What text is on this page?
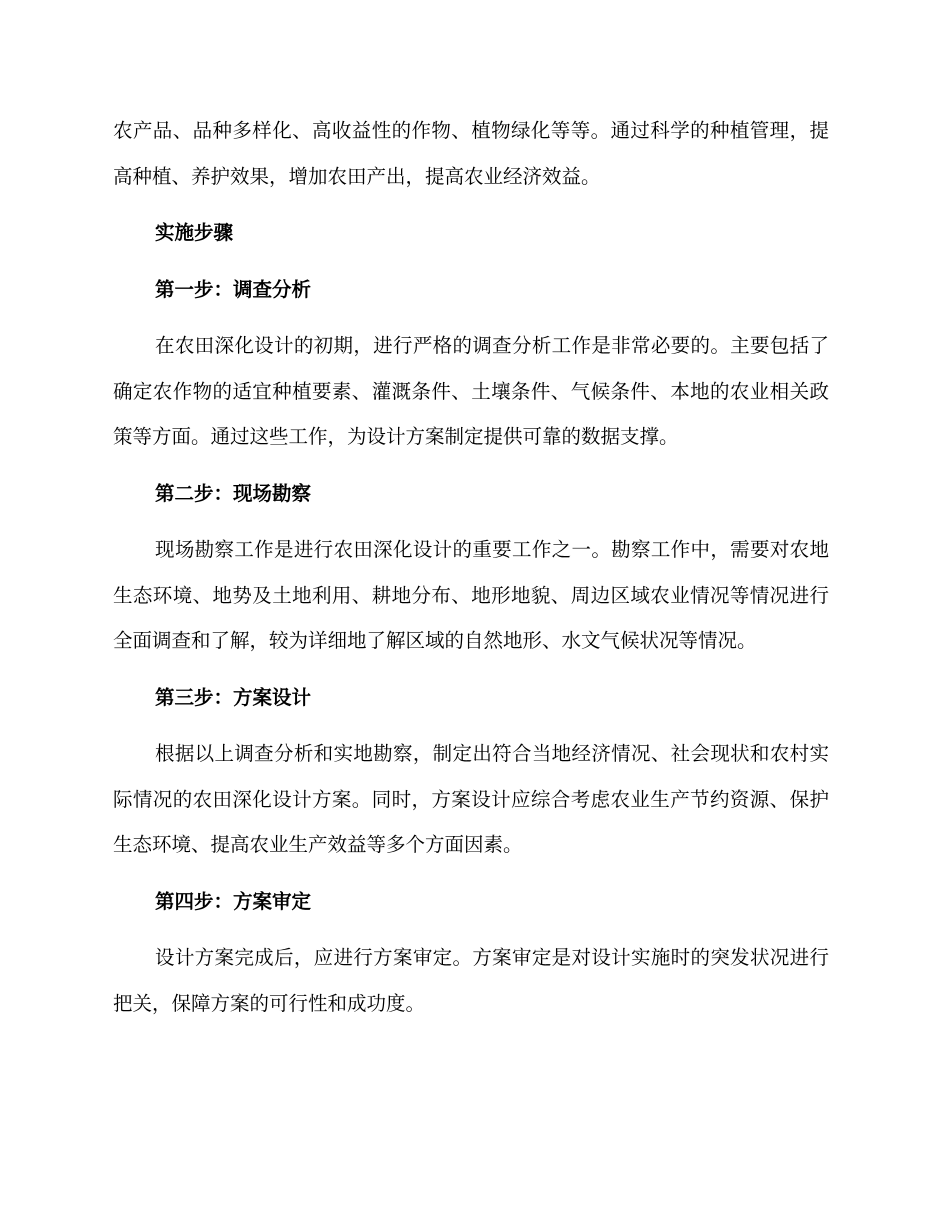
农产品、品种多样化、高收益性的作物、植物绿化等等。通过科学的种植管理，提高种植、养护效果，增加农田产出，提高农业经济效益。

实施步骤

第一步：调查分析

在农田深化设计的初期，进行严格的调查分析工作是非常必要的。主要包括了确定农作物的适宜种植要素、灌溉条件、土壤条件、气候条件、本地的农业相关政策等方面。通过这些工作，为设计方案制定提供可靠的数据支撑。

第二步：现场勘察

现场勘察工作是进行农田深化设计的重要工作之一。勘察工作中，需要对农地生态环境、地势及土地利用、耕地分布、地形地貌、周边区域农业情况等情况进行全面调查和了解，较为详细地了解区域的自然地形、水文气候状况等情况。

第三步：方案设计

根据以上调查分析和实地勘察，制定出符合当地经济情况、社会现状和农村实际情况的农田深化设计方案。同时，方案设计应综合考虑农业生产节约资源、保护生态环境、提高农业生产效益等多个方面因素。

第四步：方案审定

设计方案完成后，应进行方案审定。方案审定是对设计实施时的突发状况进行把关，保障方案的可行性和成功度。
